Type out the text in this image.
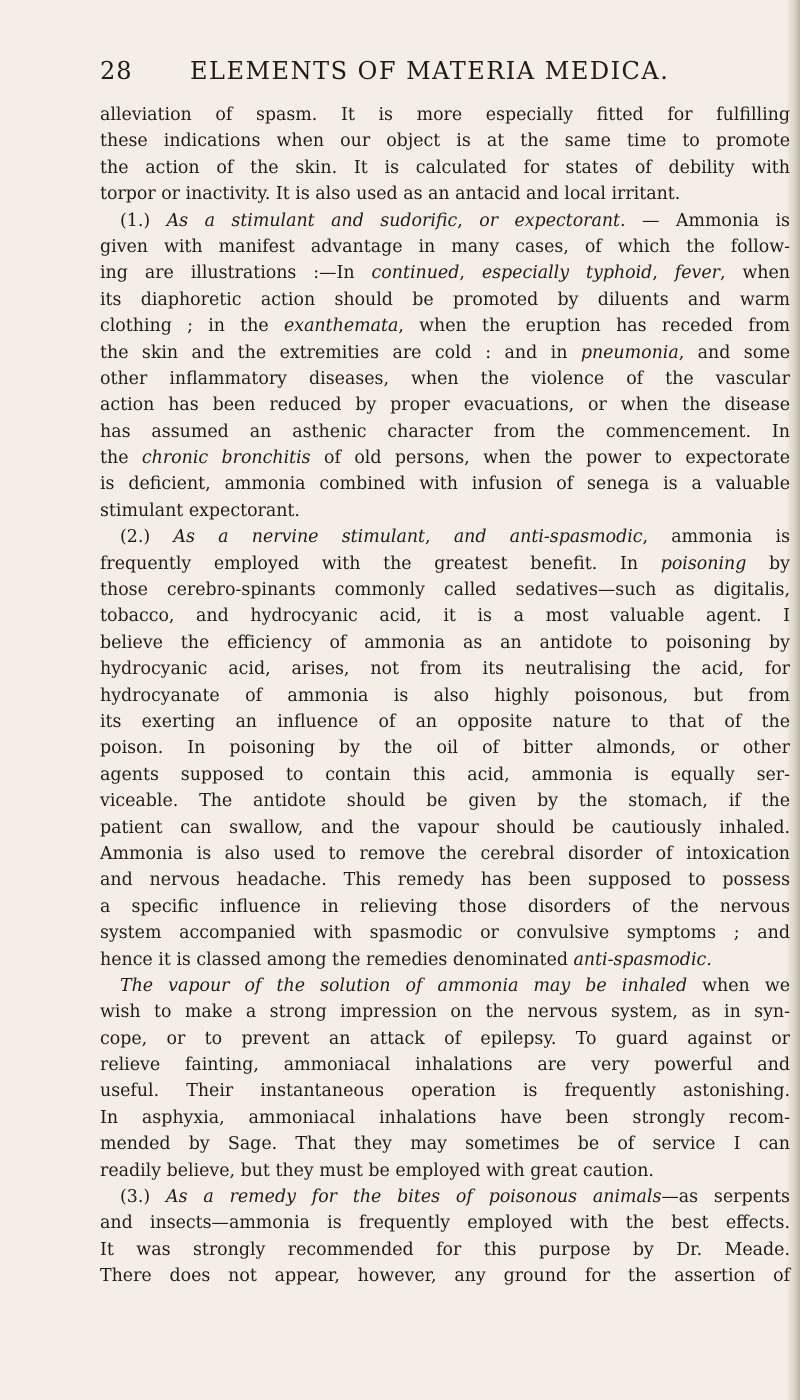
28 ELEMENTS OF MATERIA MEDICA.
alleviation of spasm. It is more especially fitted for fulfilling
these indications when our object is at the same time to promote
the action of the skin. It is calculated for states of debility with
torpor or inactivity. It is also used as an antacid and local irritant.
(1.) As a stimulant and sudorific, or expectorant. — Ammonia is
given with manifest advantage in many cases, of which the follow-
ing are illustrations :—In continued, especially typhoid, fever, when
its diaphoretic action should be promoted by diluents and warm
clothing ; in the exanthemata, when the eruption has receded from
the skin and the extremities are cold : and in pneumonia, and some
other inflammatory diseases, when the violence of the vascular
action has been reduced by proper evacuations, or when the disease
has assumed an asthenic character from the commencement. In
the chronic bronchitis of old persons, when the power to expectorate
is deficient, ammonia combined with infusion of senega is a valuable
stimulant expectorant.
(2.) As a nervine stimulant, and anti-spasmodic, ammonia is
frequently employed with the greatest benefit. In poisoning by
those cerebro-spinants commonly called sedatives—such as digitalis,
tobacco, and hydrocyanic acid, it is a most valuable agent. I
believe the efficiency of ammonia as an antidote to poisoning by
hydrocyanic acid, arises, not from its neutralising the acid, for
hydrocyanate of ammonia is also highly poisonous, but from
its exerting an influence of an opposite nature to that of the
poison. In poisoning by the oil of bitter almonds, or other
agents supposed to contain this acid, ammonia is equally ser-
viceable. The antidote should be given by the stomach, if the
patient can swallow, and the vapour should be cautiously inhaled.
Ammonia is also used to remove the cerebral disorder of intoxication
and nervous headache. This remedy has been supposed to possess
a specific influence in relieving those disorders of the nervous
system accompanied with spasmodic or convulsive symptoms ; and
hence it is classed among the remedies denominated anti-spasmodic.
The vapour of the solution of ammonia may be inhaled when we
wish to make a strong impression on the nervous system, as in syn-
cope, or to prevent an attack of epilepsy. To guard against or
relieve fainting, ammoniacal inhalations are very powerful and
useful. Their instantaneous operation is frequently astonishing.
In asphyxia, ammoniacal inhalations have been strongly recom-
mended by Sage. That they may sometimes be of service I can
readily believe, but they must be employed with great caution.
(3.) As a remedy for the bites of poisonous animals—as serpents
and insects—ammonia is frequently employed with the best effects.
It was strongly recommended for this purpose by Dr. Meade.
There does not appear, however, any ground for the assertion of
